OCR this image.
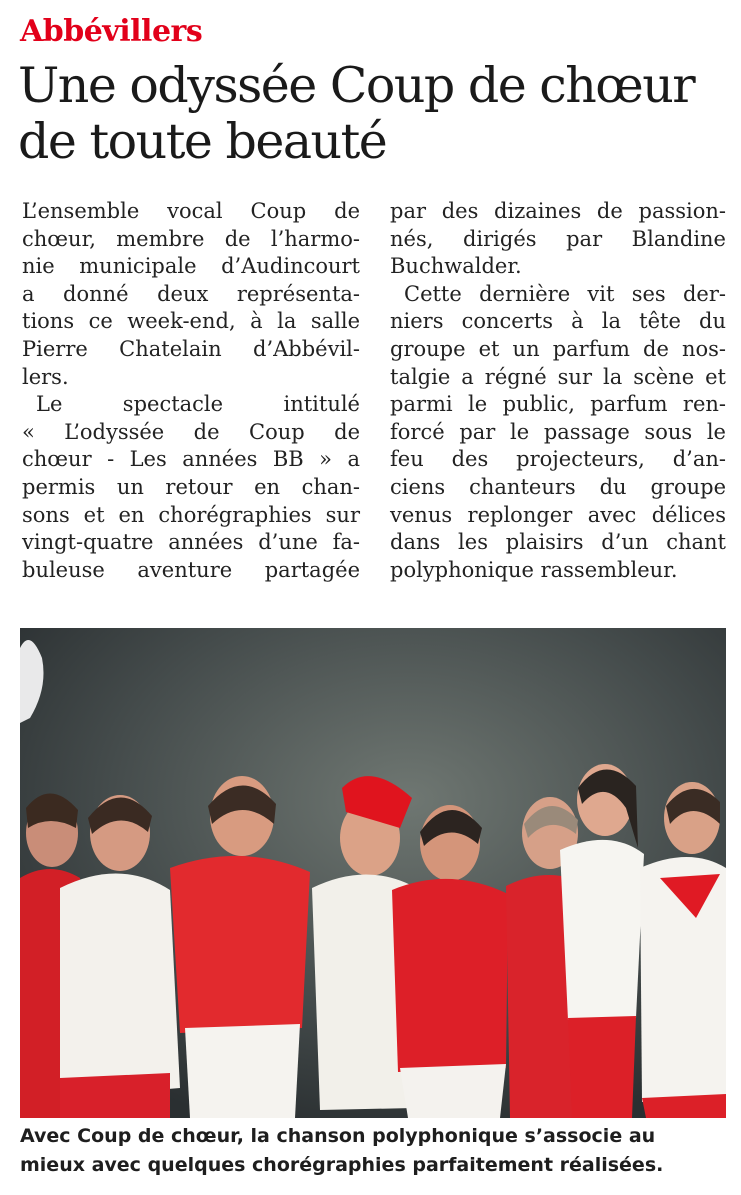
Abbévillers
Une odyssée Coup de chœur
de toute beauté
L’ensemble vocal Coup de
chœur, membre de l’harmo-
nie municipale d’Audincourt
a donné deux représenta-
tions ce week-end, à la salle
Pierre Chatelain d’Abbévil-
lers.
Le spectacle intitulé
« L’odyssée de Coup de
chœur - Les années BB » a
permis un retour en chan-
sons et en chorégraphies sur
vingt-quatre années d’une fa-
buleuse aventure partagée
par des dizaines de passion-
nés, dirigés par Blandine
Buchwalder.
Cette dernière vit ses der-
niers concerts à la tête du
groupe et un parfum de nos-
talgie a régné sur la scène et
parmi le public, parfum ren-
forcé par le passage sous le
feu des projecteurs, d’an-
ciens chanteurs du groupe
venus replonger avec délices
dans les plaisirs d’un chant
polyphonique rassembleur.

Avec Coup de chœur, la chanson polyphonique s’associe au
mieux avec quelques chorégraphies parfaitement réalisées.
